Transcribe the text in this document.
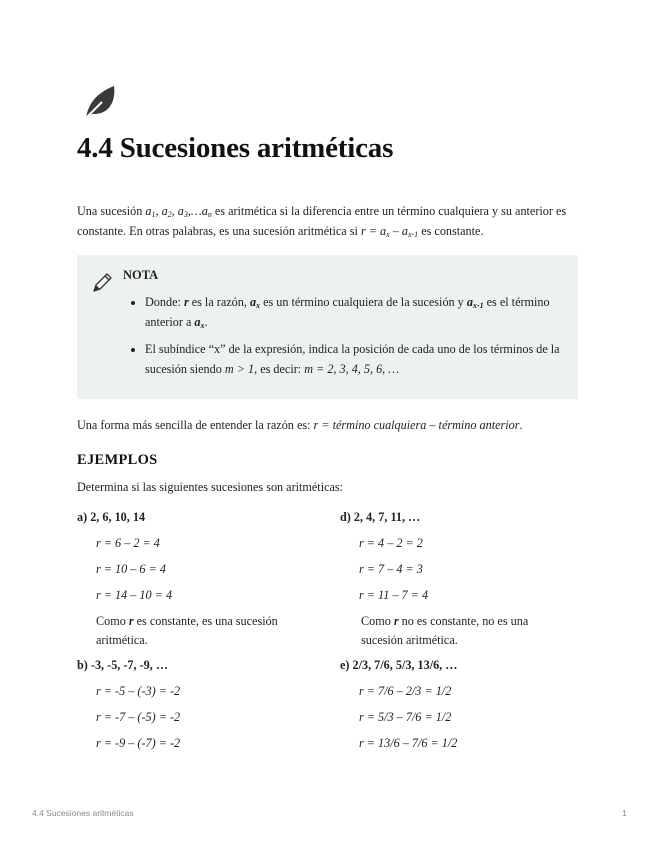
4.4 Sucesiones aritméticas

Una sucesión $a_1$, $a_2$, $a_3,\dots a_n$ es aritmética si la diferencia entre un término cualquiera y su anterior es constante. En otras palabras, es una sucesión aritmética si $r = a_x - a_{x-1}$ es constante.

NOTA
• Donde: r es la razón, $a_x$ es un término cualquiera de la sucesión y $a_{x-1}$ es el término anterior a $a_x$.
• El subíndice “x” de la expresión, indica la posición de cada uno de los términos de la sucesión siendo m > 1, es decir: m = 2, 3, 4, 5, 6, …

Una forma más sencilla de entender la razón es: r = término cualquiera – término anterior.

EJEMPLOS

Determina si las siguientes sucesiones son aritméticas:

a) 2, 6, 10, 14
r = 6 – 2 = 4
r = 10 – 6 = 4
r = 14 – 10 = 4
Como r es constante, es una sucesión aritmética.
d) 2, 4, 7, 11, …
r = 4 – 2 = 2
r = 7 – 4 = 3
r = 11 – 7 = 4
Como r no es constante, no es una sucesión aritmética.
b) -3, -5, -7, -9, …
r = -5 – (-3) = -2
r = -7 – (-5) = -2
r = -9 – (-7) = -2
e) 2/3, 7/6, 5/3, 13/6, …
r = 7/6 – 2/3 = 1/2
r = 5/3 – 7/6 = 1/2
r = 13/6 – 7/6 = 1/2
4.4 Sucesiones aritméticas	1
